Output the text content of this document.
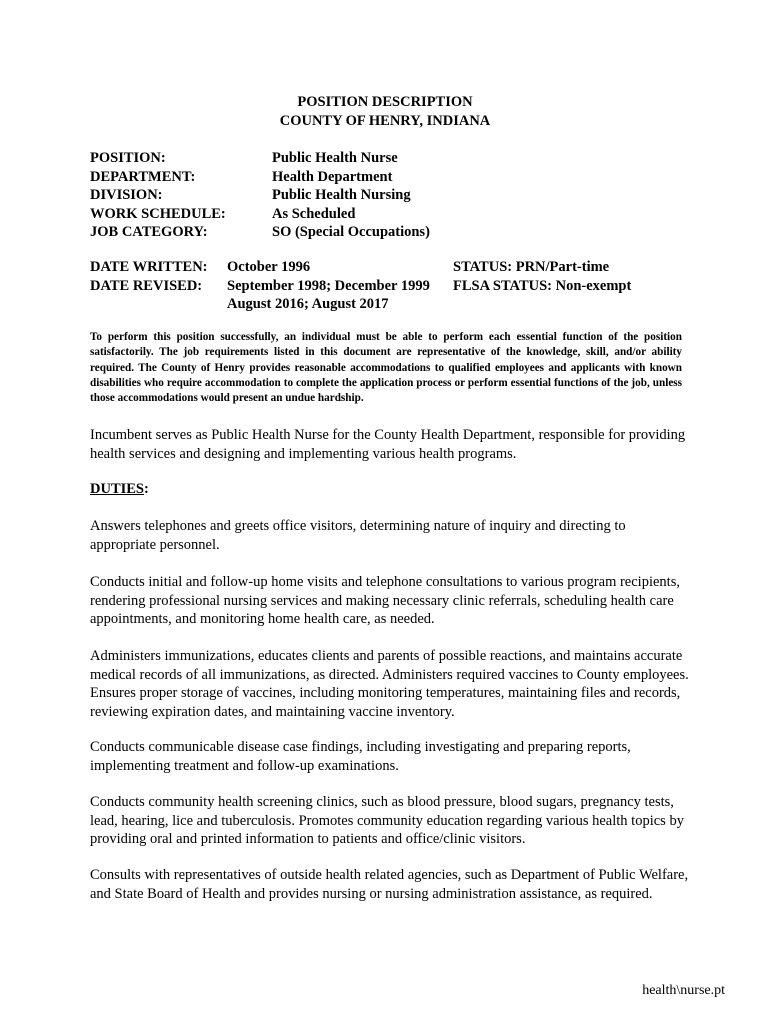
POSITION DESCRIPTION
COUNTY OF HENRY, INDIANA
POSITION:	Public Health Nurse
DEPARTMENT:	Health Department
DIVISION:	Public Health Nursing
WORK SCHEDULE:	As Scheduled
JOB CATEGORY:	SO (Special Occupations)
DATE WRITTEN:	October 1996	STATUS: PRN/Part-time
DATE REVISED:	September 1998; December 1999	FLSA STATUS: Non-exempt
August 2016; August 2017
To perform this position successfully, an individual must be able to perform each essential function of the position satisfactorily. The job requirements listed in this document are representative of the knowledge, skill, and/or ability required. The County of Henry provides reasonable accommodations to qualified employees and applicants with known disabilities who require accommodation to complete the application process or perform essential functions of the job, unless those accommodations would present an undue hardship.
Incumbent serves as Public Health Nurse for the County Health Department, responsible for providing health services and designing and implementing various health programs.
DUTIES:
Answers telephones and greets office visitors, determining nature of inquiry and directing to appropriate personnel.
Conducts initial and follow-up home visits and telephone consultations to various program recipients, rendering professional nursing services and making necessary clinic referrals, scheduling health care appointments, and monitoring home health care, as needed.
Administers immunizations, educates clients and parents of possible reactions, and maintains accurate medical records of all immunizations, as directed. Administers required vaccines to County employees. Ensures proper storage of vaccines, including monitoring temperatures, maintaining files and records, reviewing expiration dates, and maintaining vaccine inventory.
Conducts communicable disease case findings, including investigating and preparing reports, implementing treatment and follow-up examinations.
Conducts community health screening clinics, such as blood pressure, blood sugars, pregnancy tests, lead, hearing, lice and tuberculosis. Promotes community education regarding various health topics by providing oral and printed information to patients and office/clinic visitors.
Consults with representatives of outside health related agencies, such as Department of Public Welfare, and State Board of Health and provides nursing or nursing administration assistance, as required.
health\nurse.pt
